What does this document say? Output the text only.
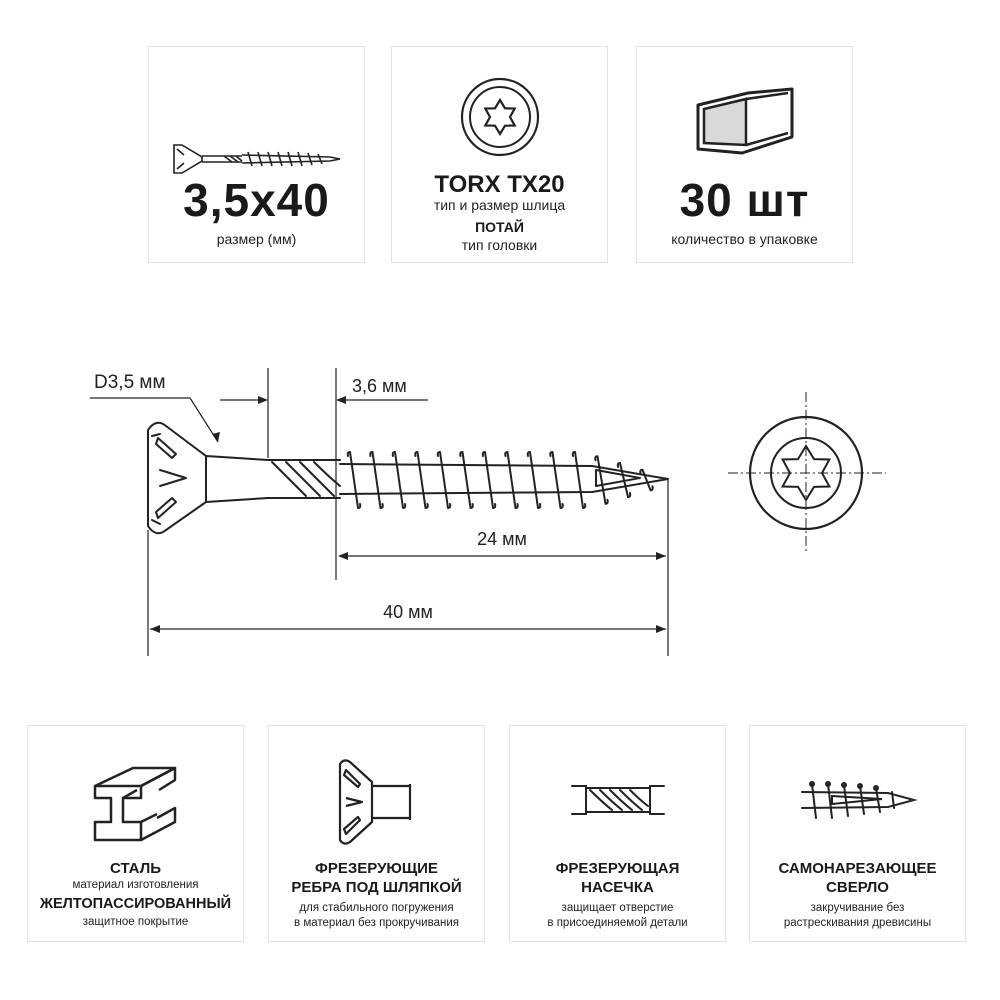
3,5x40
размер (мм)
TORX TX20
тип и размер шлица
ПОТАЙ
тип головки
30 шт
количество в упаковке
D3,5 мм	3,6 мм
24 мм
40 мм
СТАЛЬ
материал изготовления
ЖЕЛТОПАССИРОВАННЫЙ
защитное покрытие
ФРЕЗЕРУЮЩИЕ
РЕБРА ПОД ШЛЯПКОЙ
для стабильного погружения
в материал без прокручивания
ФРЕЗЕРУЮЩАЯ
НАСЕЧКА
защищает отверстие
в присоединяемой детали
САМОНАРЕЗАЮЩЕЕ
СВЕРЛО
закручивание без
растрескивания древисины
